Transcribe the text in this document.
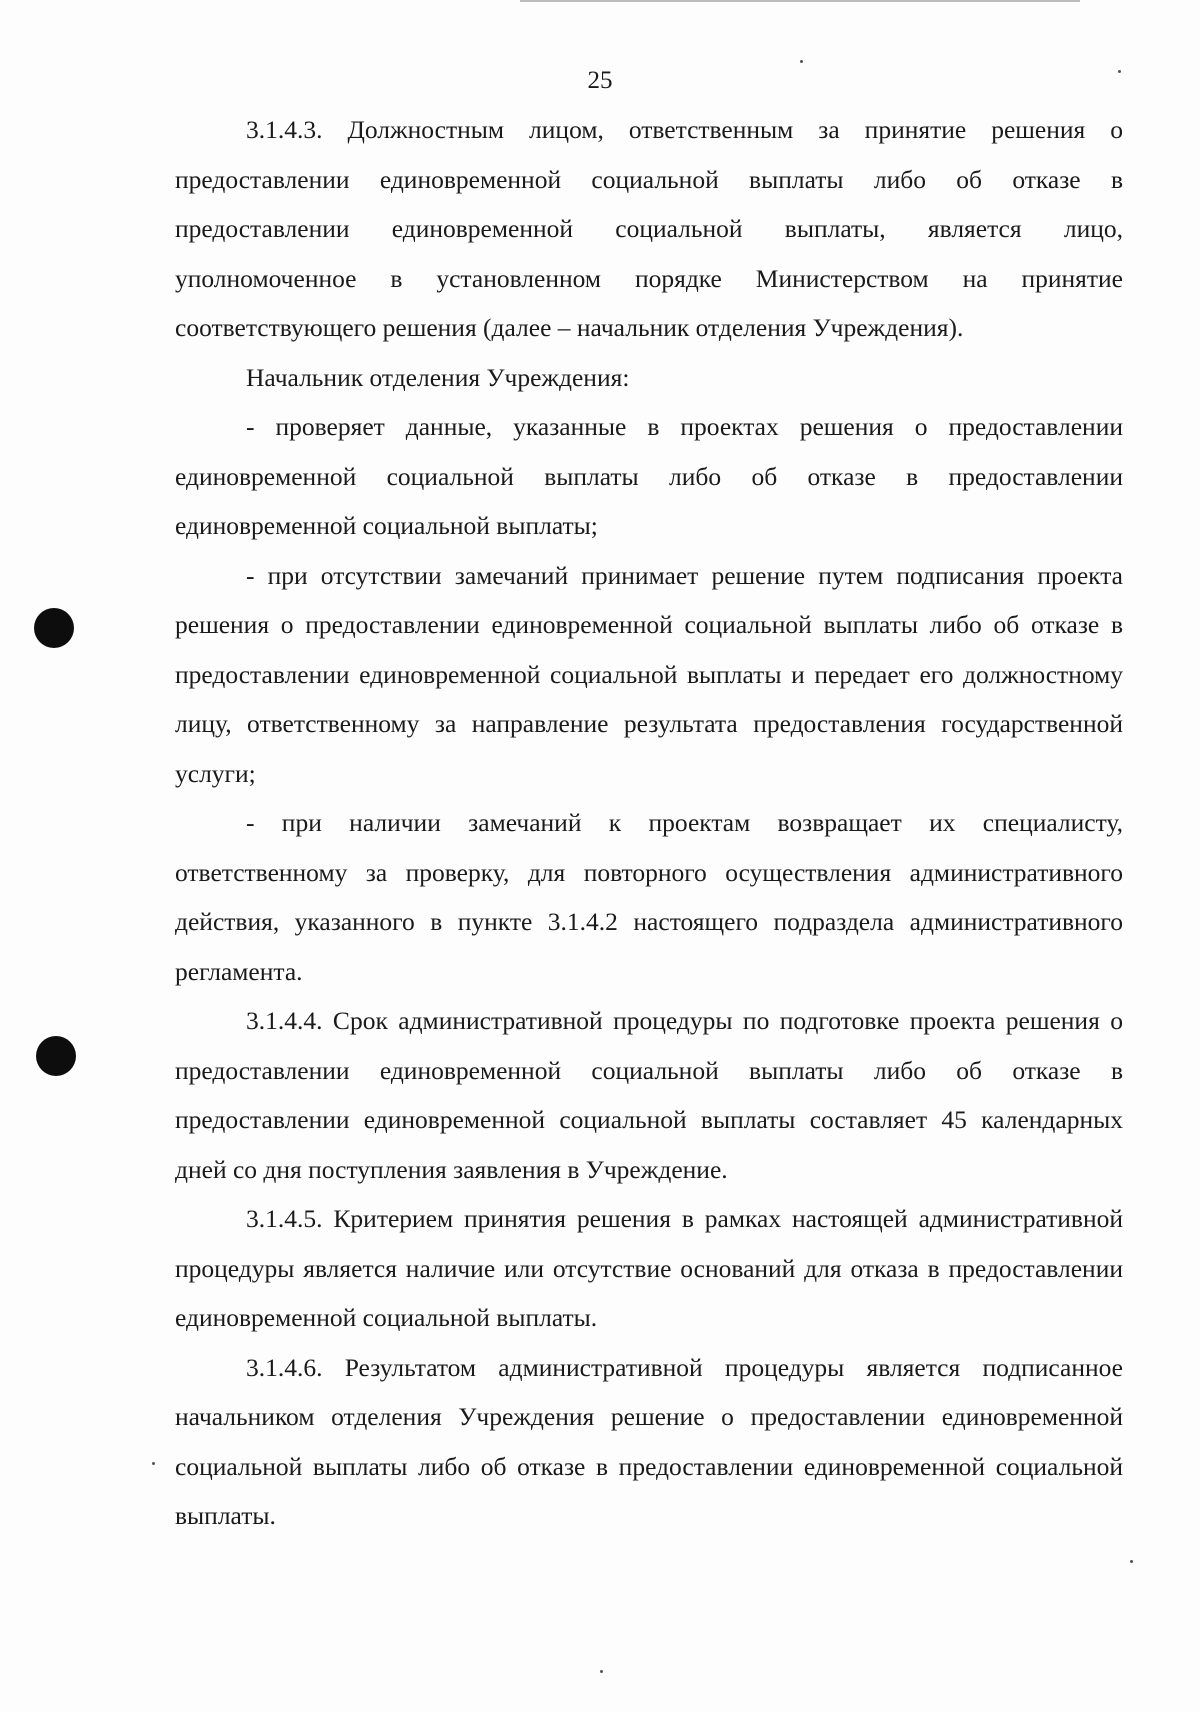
25

3.1.4.3. Должностным лицом, ответственным за принятие решения о предоставлении единовременной социальной выплаты либо об отказе в предоставлении единовременной социальной выплаты, является лицо, уполномоченное в установленном порядке Министерством на принятие соответствующего решения (далее – начальник отделения Учреждения).

Начальник отделения Учреждения:

- проверяет данные, указанные в проектах решения о предоставлении единовременной социальной выплаты либо об отказе в предоставлении единовременной социальной выплаты;

- при отсутствии замечаний принимает решение путем подписания проекта решения о предоставлении единовременной социальной выплаты либо об отказе в предоставлении единовременной социальной выплаты и передает его должностному лицу, ответственному за направление результата предоставления государственной услуги;

- при наличии замечаний к проектам возвращает их специалисту, ответственному за проверку, для повторного осуществления административного действия, указанного в пункте 3.1.4.2 настоящего подраздела административного регламента.

3.1.4.4. Срок административной процедуры по подготовке проекта решения о предоставлении единовременной социальной выплаты либо об отказе в предоставлении единовременной социальной выплаты составляет 45 календарных дней со дня поступления заявления в Учреждение.

3.1.4.5. Критерием принятия решения в рамках настоящей административной процедуры является наличие или отсутствие оснований для отказа в предоставлении единовременной социальной выплаты.

3.1.4.6. Результатом административной процедуры является подписанное начальником отделения Учреждения решение о предоставлении единовременной социальной выплаты либо об отказе в предоставлении единовременной социальной выплаты.
